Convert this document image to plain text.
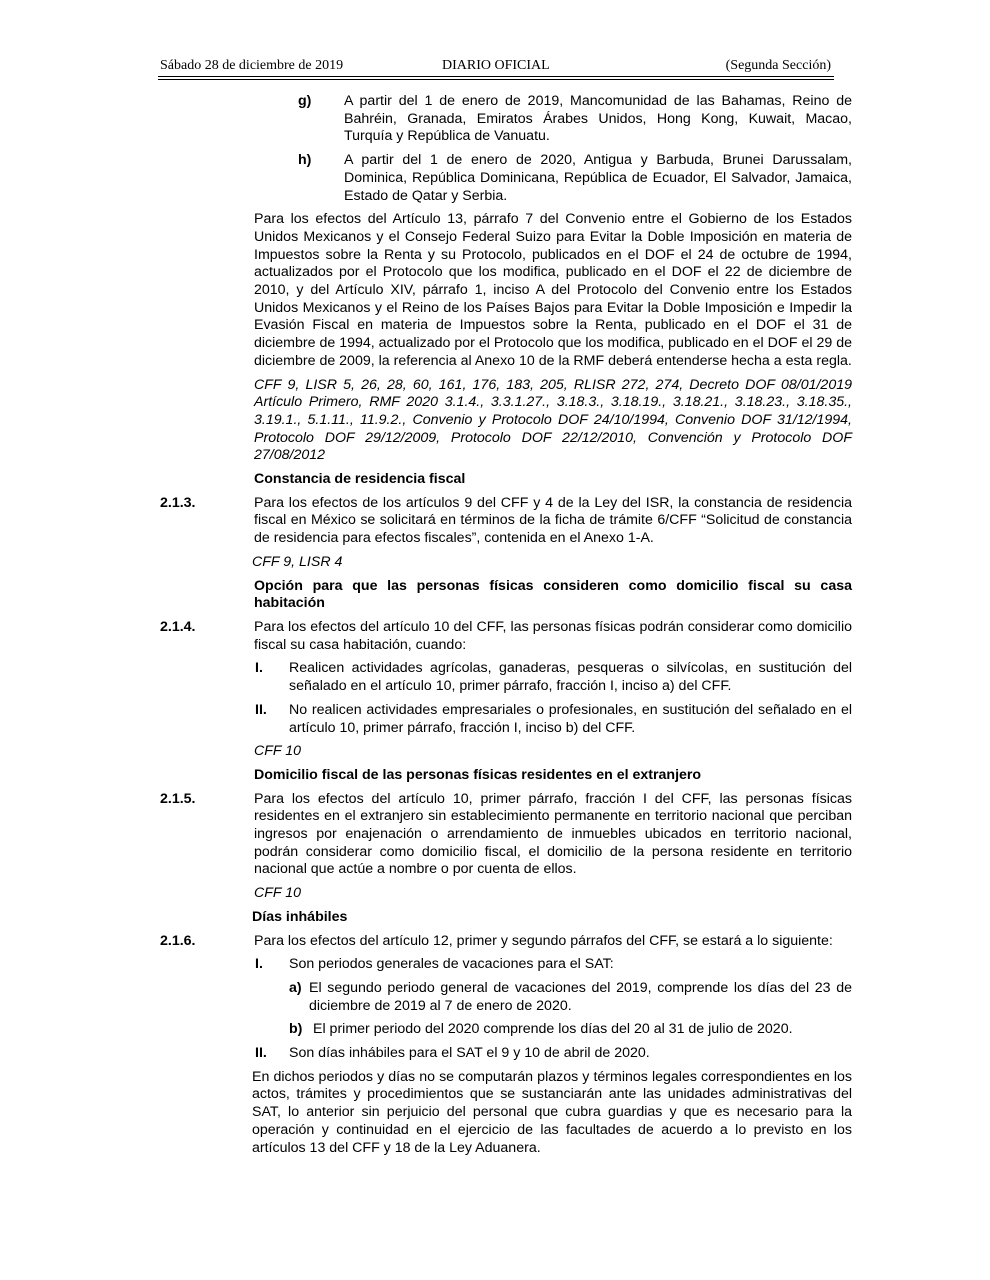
Sábado 28 de diciembre de 2019	DIARIO OFICIAL	(Segunda Sección)
g) A partir del 1 de enero de 2019, Mancomunidad de las Bahamas, Reino de Bahréin, Granada, Emiratos Árabes Unidos, Hong Kong, Kuwait, Macao, Turquía y República de Vanuatu.
h) A partir del 1 de enero de 2020, Antigua y Barbuda, Brunei Darussalam, Dominica, República Dominicana, República de Ecuador, El Salvador, Jamaica, Estado de Qatar y Serbia.
Para los efectos del Artículo 13, párrafo 7 del Convenio entre el Gobierno de los Estados Unidos Mexicanos y el Consejo Federal Suizo para Evitar la Doble Imposición en materia de Impuestos sobre la Renta y su Protocolo, publicados en el DOF el 24 de octubre de 1994, actualizados por el Protocolo que los modifica, publicado en el DOF el 22 de diciembre de 2010, y del Artículo XIV, párrafo 1, inciso A del Protocolo del Convenio entre los Estados Unidos Mexicanos y el Reino de los Países Bajos para Evitar la Doble Imposición e Impedir la Evasión Fiscal en materia de Impuestos sobre la Renta, publicado en el DOF el 31 de diciembre de 1994, actualizado por el Protocolo que los modifica, publicado en el DOF el 29 de diciembre de 2009, la referencia al Anexo 10 de la RMF deberá entenderse hecha a esta regla.
CFF 9, LISR 5, 26, 28, 60, 161, 176, 183, 205, RLISR 272, 274, Decreto DOF 08/01/2019 Artículo Primero, RMF 2020 3.1.4., 3.3.1.27., 3.18.3., 3.18.19., 3.18.21., 3.18.23., 3.18.35., 3.19.1., 5.1.11., 11.9.2., Convenio y Protocolo DOF 24/10/1994, Convenio DOF 31/12/1994, Protocolo DOF 29/12/2009, Protocolo DOF 22/12/2010, Convención y Protocolo DOF 27/08/2012
Constancia de residencia fiscal
2.1.3.	Para los efectos de los artículos 9 del CFF y 4 de la Ley del ISR, la constancia de residencia fiscal en México se solicitará en términos de la ficha de trámite 6/CFF “Solicitud de constancia de residencia para efectos fiscales”, contenida en el Anexo 1-A.
CFF 9, LISR 4
Opción para que las personas físicas consideren como domicilio fiscal su casa habitación
2.1.4.	Para los efectos del artículo 10 del CFF, las personas físicas podrán considerar como domicilio fiscal su casa habitación, cuando:
I. Realicen actividades agrícolas, ganaderas, pesqueras o silvícolas, en sustitución del señalado en el artículo 10, primer párrafo, fracción I, inciso a) del CFF.
II. No realicen actividades empresariales o profesionales, en sustitución del señalado en el artículo 10, primer párrafo, fracción I, inciso b) del CFF.
CFF 10
Domicilio fiscal de las personas físicas residentes en el extranjero
2.1.5.	Para los efectos del artículo 10, primer párrafo, fracción I del CFF, las personas físicas residentes en el extranjero sin establecimiento permanente en territorio nacional que perciban ingresos por enajenación o arrendamiento de inmuebles ubicados en territorio nacional, podrán considerar como domicilio fiscal, el domicilio de la persona residente en territorio nacional que actúe a nombre o por cuenta de ellos.
CFF 10
Días inhábiles
2.1.6.	Para los efectos del artículo 12, primer y segundo párrafos del CFF, se estará a lo siguiente:
I. Son periodos generales de vacaciones para el SAT:
a) El segundo periodo general de vacaciones del 2019, comprende los días del 23 de diciembre de 2019 al 7 de enero de 2020.
b) El primer periodo del 2020 comprende los días del 20 al 31 de julio de 2020.
II. Son días inhábiles para el SAT el 9 y 10 de abril de 2020.
En dichos periodos y días no se computarán plazos y términos legales correspondientes en los actos, trámites y procedimientos que se sustanciarán ante las unidades administrativas del SAT, lo anterior sin perjuicio del personal que cubra guardias y que es necesario para la operación y continuidad en el ejercicio de las facultades de acuerdo a lo previsto en los artículos 13 del CFF y 18 de la Ley Aduanera.
